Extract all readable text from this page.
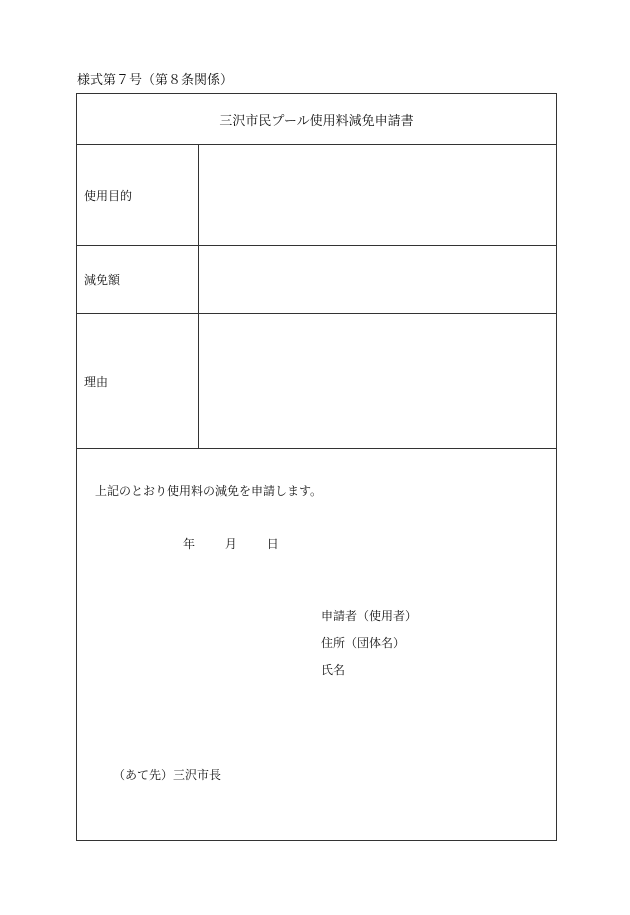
様式第７号（第８条関係）
三沢市民プール使用料減免申請書
使用目的
減免額
理由
上記のとおり使用料の減免を申請します。
年 月 日
申請者（使用者）
住所（団体名）
氏名
（あて先）三沢市長
